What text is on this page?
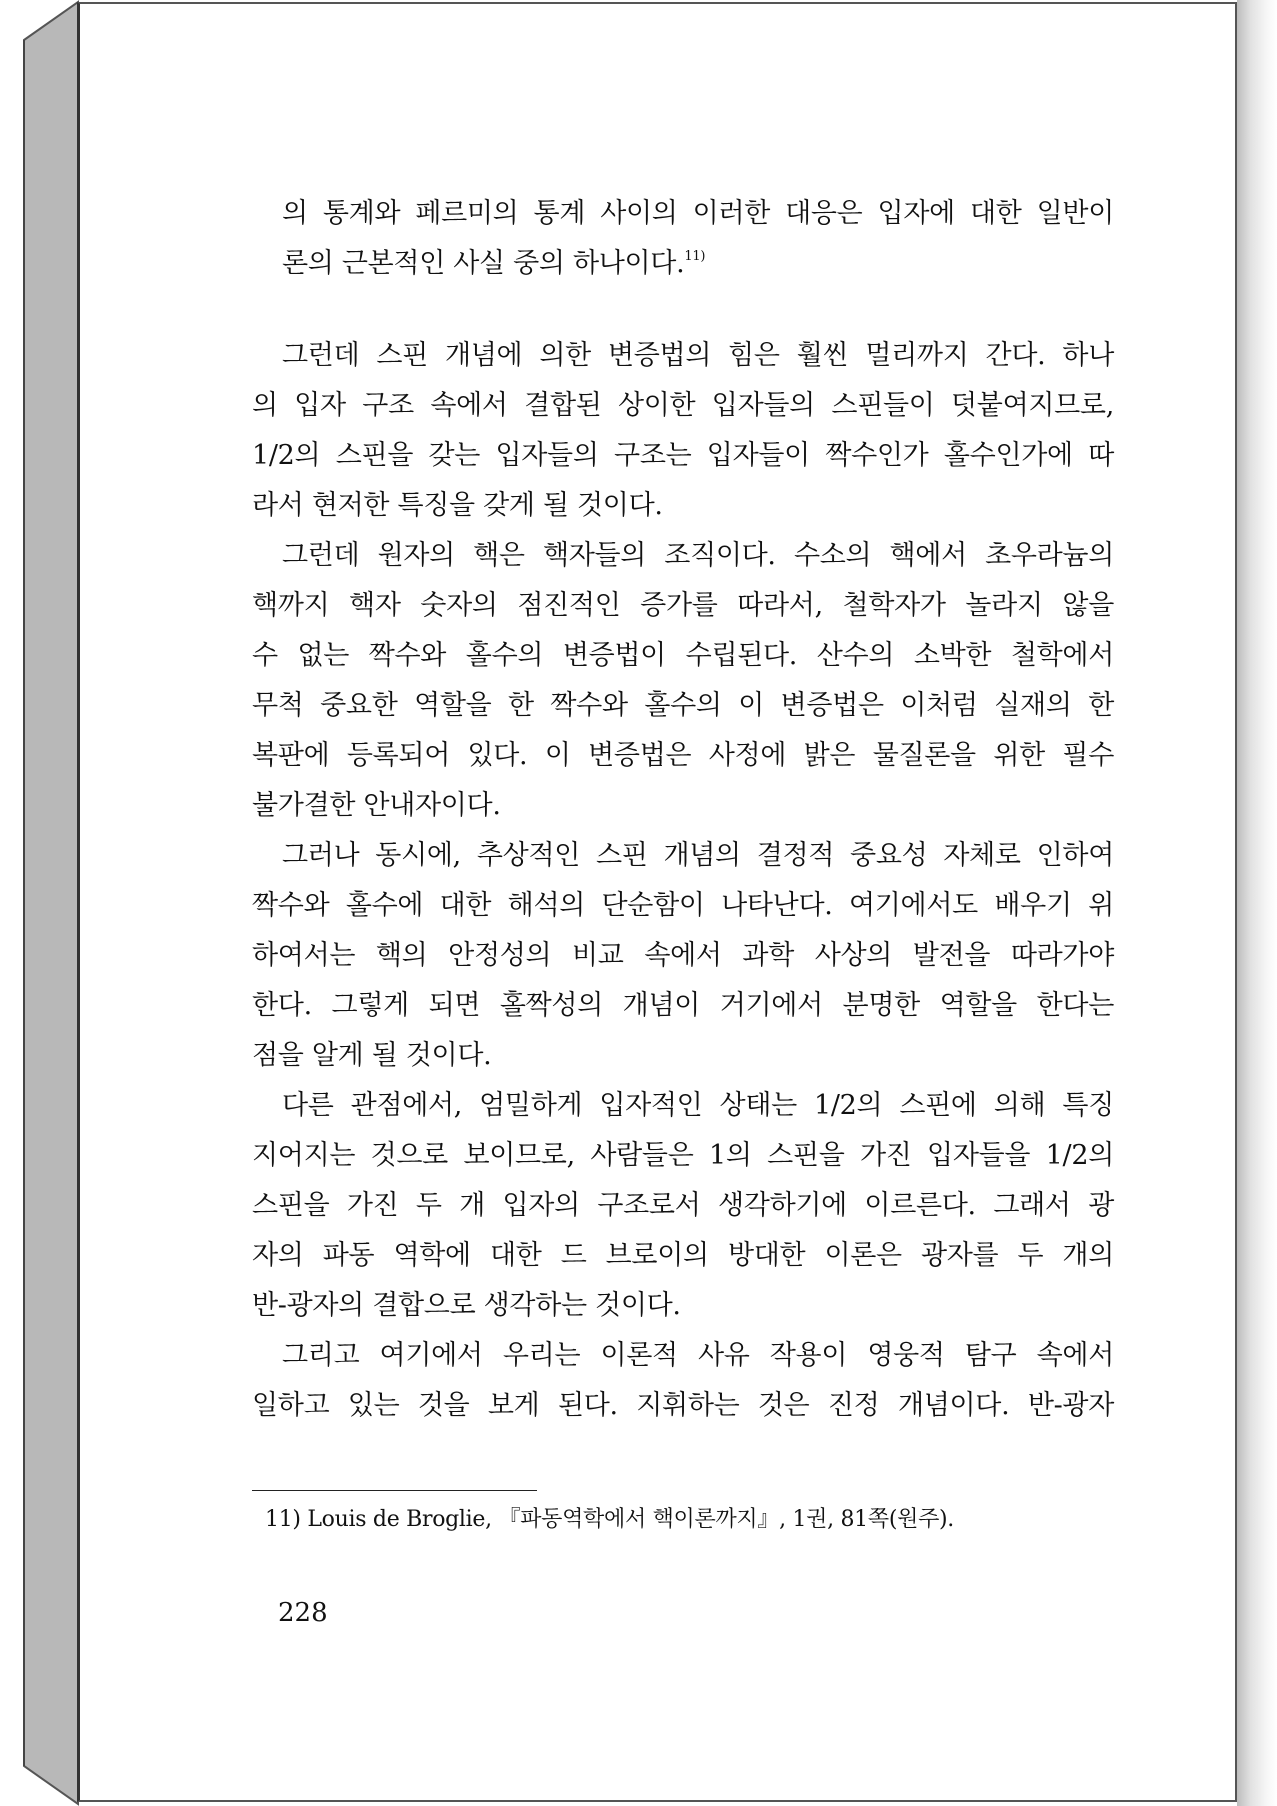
의 통계와 페르미의 통계 사이의 이러한 대응은 입자에 대한 일반이
론의 근본적인 사실 중의 하나이다.$^{11)}$
그런데 스핀 개념에 의한 변증법의 힘은 훨씬 멀리까지 간다. 하나
의 입자 구조 속에서 결합된 상이한 입자들의 스핀들이 덧붙여지므로,
1/2의 스핀을 갖는 입자들의 구조는 입자들이 짝수인가 홀수인가에 따
라서 현저한 특징을 갖게 될 것이다.
그런데 원자의 핵은 핵자들의 조직이다. 수소의 핵에서 초우라늄의
핵까지 핵자 숫자의 점진적인 증가를 따라서, 철학자가 놀라지 않을
수 없는 짝수와 홀수의 변증법이 수립된다. 산수의 소박한 철학에서
무척 중요한 역할을 한 짝수와 홀수의 이 변증법은 이처럼 실재의 한
복판에 등록되어 있다. 이 변증법은 사정에 밝은 물질론을 위한 필수
불가결한 안내자이다.
그러나 동시에, 추상적인 스핀 개념의 결정적 중요성 자체로 인하여
짝수와 홀수에 대한 해석의 단순함이 나타난다. 여기에서도 배우기 위
하여서는 핵의 안정성의 비교 속에서 과학 사상의 발전을 따라가야
한다. 그렇게 되면 홀짝성의 개념이 거기에서 분명한 역할을 한다는
점을 알게 될 것이다.
다른 관점에서, 엄밀하게 입자적인 상태는 1/2의 스핀에 의해 특징
지어지는 것으로 보이므로, 사람들은 1의 스핀을 가진 입자들을 1/2의
스핀을 가진 두 개 입자의 구조로서 생각하기에 이르른다. 그래서 광
자의 파동 역학에 대한 드 브로이의 방대한 이론은 광자를 두 개의
반-광자의 결합으로 생각하는 것이다.
그리고 여기에서 우리는 이론적 사유 작용이 영웅적 탐구 속에서
일하고 있는 것을 보게 된다. 지휘하는 것은 진정 개념이다. 반-광자
11) Louis de Broglie, 『파동역학에서 핵이론까지』, 1권, 81쪽(원주).
228
